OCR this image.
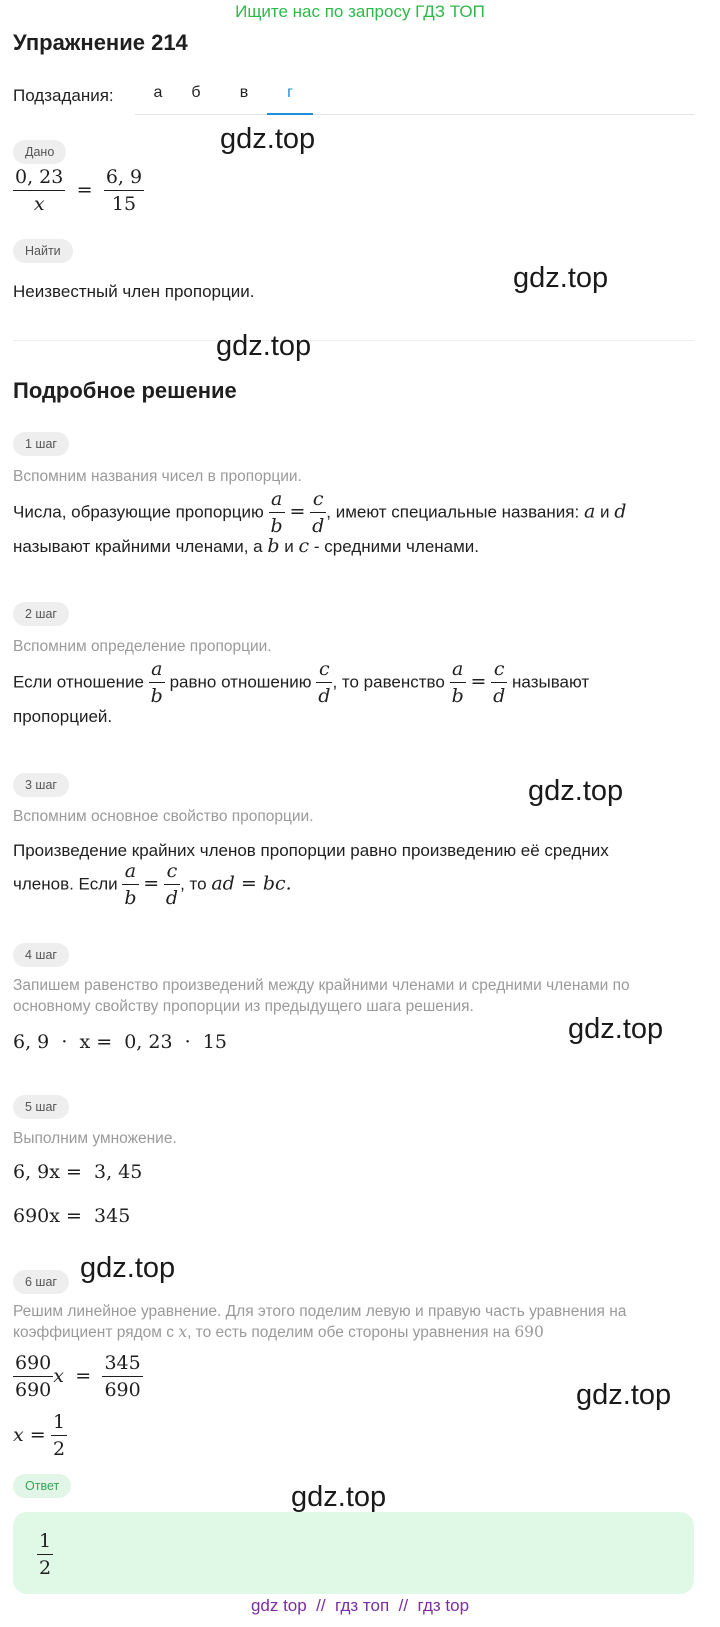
Ищите нас по запросу ГДЗ ТОП
Упражнение 214
Подзадания:	а	б	в	г
Дано
$\frac{0, 23}{x} = \frac{6, 9}{15}$
Найти
Неизвестный член пропорции.
Подробное решение
1 шаг
Вспомним названия чисел в пропорции.
Числа, образующие пропорцию $\frac{a}{b} = \frac{c}{d}$ , имеют специальные названия: a и d
называют крайними членами, а b и c - средними членами.
2 шаг
Вспомним определение пропорции.
Если отношение $\frac{a}{b}$ равно отношению $\frac{c}{d}$ , то равенство $\frac{a}{b} = \frac{c}{d}$ называют
пропорцией.
3 шаг
Вспомним основное свойство пропорции.
Произведение крайних членов пропорции равно произведению её средних
членов. Если $\frac{a}{b} = \frac{c}{d}$ , то ad = bc.
4 шаг
Запишем равенство произведений между крайними членами и средними членами по
основному свойству пропорции из предыдущего шага решения.
6, 9  ·  x =  0, 23  ·  15
5 шаг
Выполним умножение.
6, 9x =  3, 45
690x =  345
6 шаг
Решим линейное уравнение. Для этого поделим левую и правую часть уравнения на
коэффициент рядом с x, то есть поделим обе стороны уравнения на 690
$\frac{690}{690}$ $x = \frac{345}{690}$
$x = \frac{1}{2}$
Ответ
$\frac{1}{2}$
gdz.top
gdz.top
gdz.top
gdz.top
gdz.top
gdz.top
gdz.top
gdz.top
gdz top  //  гдз топ  //  гдз top
